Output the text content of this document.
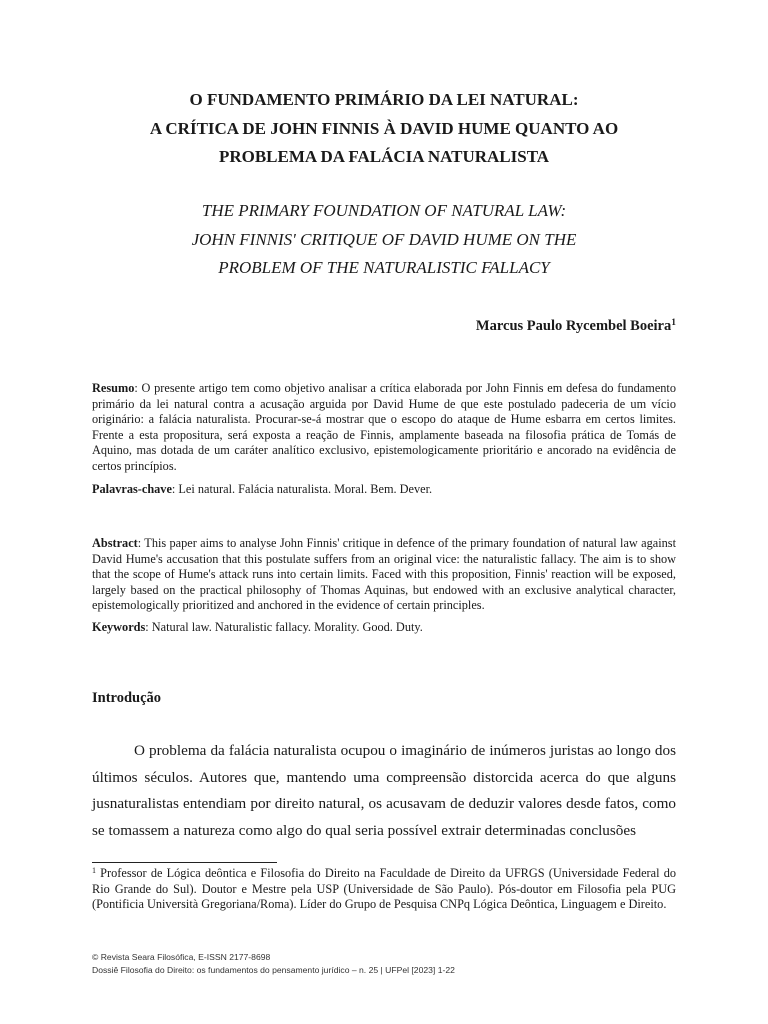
O FUNDAMENTO PRIMÁRIO DA LEI NATURAL:
A CRÍTICA DE JOHN FINNIS À DAVID HUME QUANTO AO
PROBLEMA DA FALÁCIA NATURALISTA
THE PRIMARY FOUNDATION OF NATURAL LAW:
JOHN FINNIS' CRITIQUE OF DAVID HUME ON THE
PROBLEM OF THE NATURALISTIC FALLACY
Marcus Paulo Rycembel Boeira$^1$
Resumo: O presente artigo tem como objetivo analisar a crítica elaborada por John Finnis em defesa do fundamento primário da lei natural contra a acusação arguida por David Hume de que este postulado padeceria de um vício originário: a falácia naturalista. Procurar-se-á mostrar que o escopo do ataque de Hume esbarra em certos limites. Frente a esta propositura, será exposta a reação de Finnis, amplamente baseada na filosofia prática de Tomás de Aquino, mas dotada de um caráter analítico exclusivo, epistemologicamente prioritário e ancorado na evidência de certos princípios.
Palavras-chave: Lei natural. Falácia naturalista. Moral. Bem. Dever.
Abstract: This paper aims to analyse John Finnis' critique in defence of the primary foundation of natural law against David Hume's accusation that this postulate suffers from an original vice: the naturalistic fallacy. The aim is to show that the scope of Hume's attack runs into certain limits. Faced with this proposition, Finnis' reaction will be exposed, largely based on the practical philosophy of Thomas Aquinas, but endowed with an exclusive analytical character, epistemologically prioritized and anchored in the evidence of certain principles.
Keywords: Natural law. Naturalistic fallacy. Morality. Good. Duty.
Introdução
O problema da falácia naturalista ocupou o imaginário de inúmeros juristas ao longo dos últimos séculos. Autores que, mantendo uma compreensão distorcida acerca do que alguns jusnaturalistas entendiam por direito natural, os acusavam de deduzir valores desde fatos, como se tomassem a natureza como algo do qual seria possível extrair determinadas conclusões
$^1$ Professor de Lógica deôntica e Filosofia do Direito na Faculdade de Direito da UFRGS (Universidade Federal do Rio Grande do Sul). Doutor e Mestre pela USP (Universidade de São Paulo). Pós-doutor em Filosofia pela PUG (Pontificia Università Gregoriana/Roma). Líder do Grupo de Pesquisa CNPq Lógica Deôntica, Linguagem e Direito.
© Revista Seara Filosófica, E-ISSN 2177-8698
Dossiê Filosofia do Direito: os fundamentos do pensamento jurídico – n. 25 | UFPel [2023] 1-22
